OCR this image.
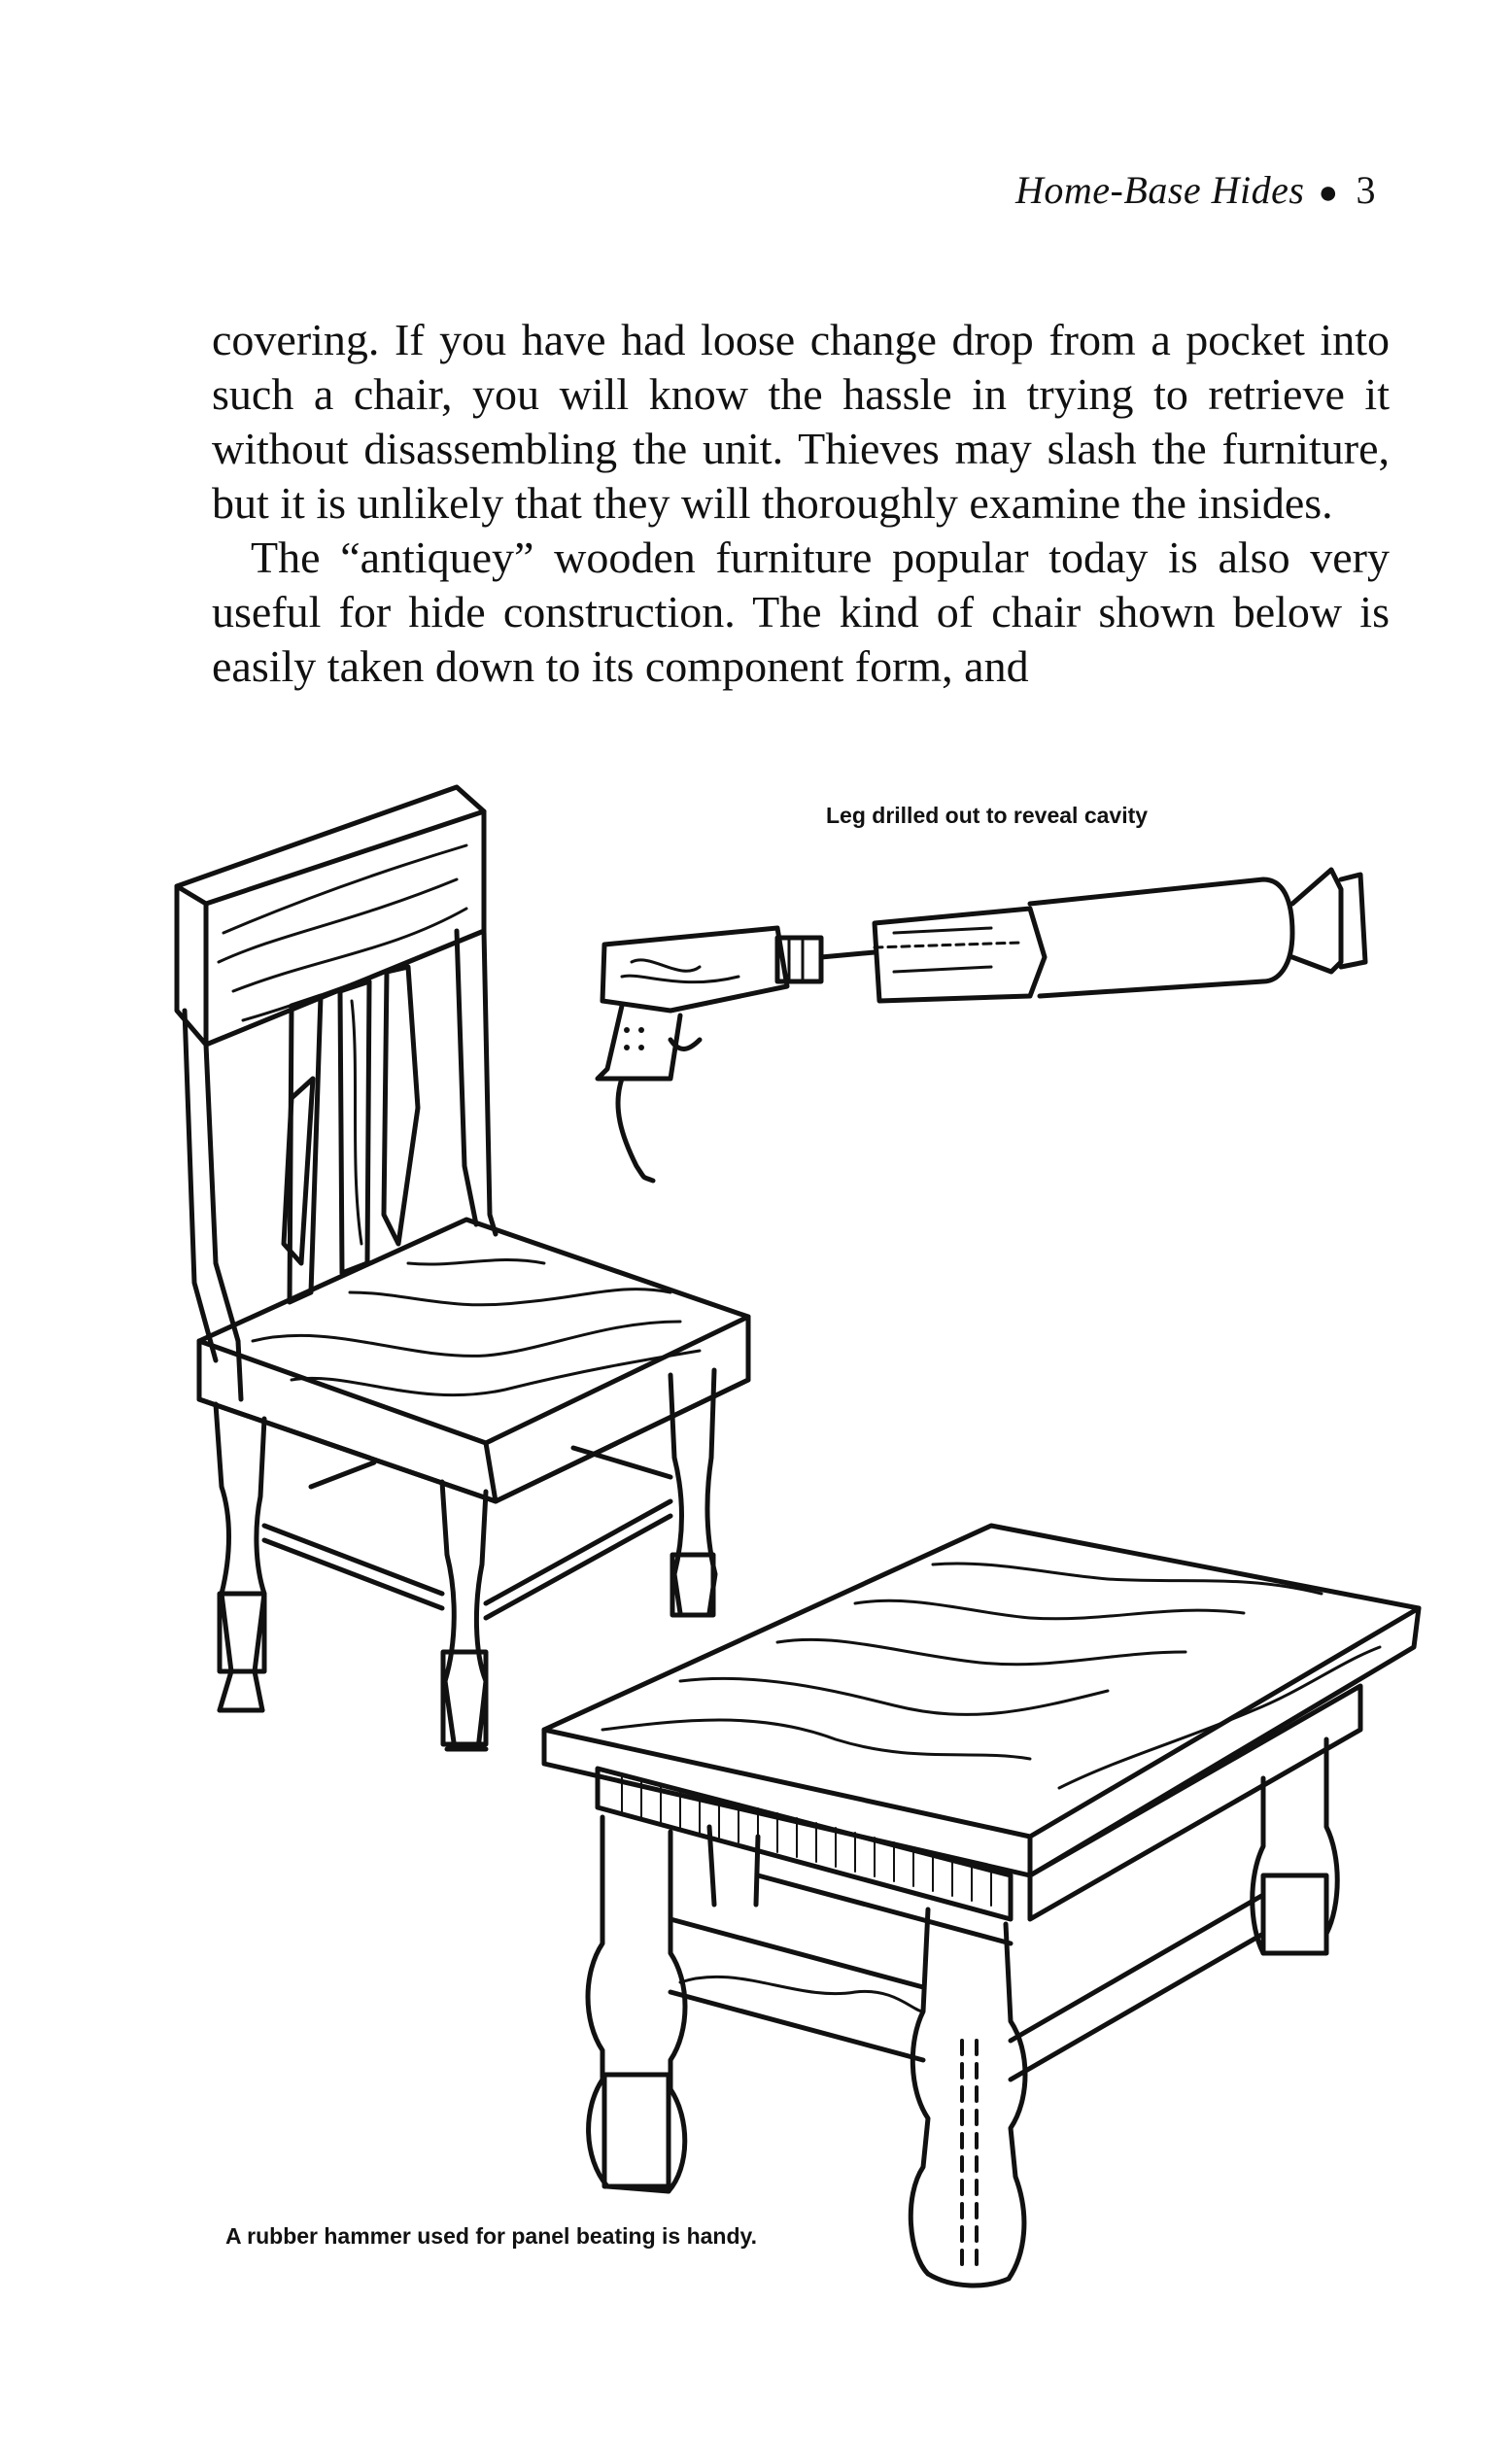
Home-Base Hides ● 3

covering. If you have had loose change drop from a pocket into such a chair, you will know the hassle in trying to retrieve it without disassembling the unit. Thieves may slash the furniture, but it is unlikely that they will thoroughly examine the insides.

The “antiquey” wooden furniture popular today is also very useful for hide construction. The kind of chair shown below is easily taken down to its component form, and

Leg drilled out to reveal cavity
A rubber hammer used for panel beating is handy.
